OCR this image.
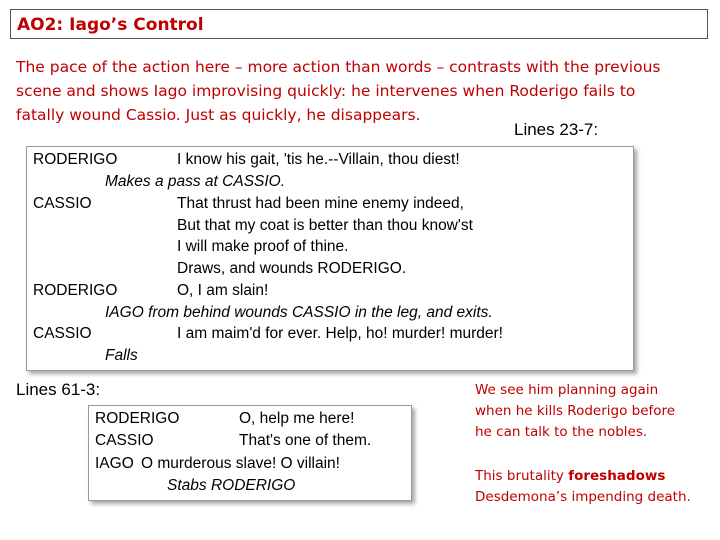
AO2: Iago’s Control
The pace of the action here – more action than words – contrasts with the previous
scene and shows Iago improvising quickly: he intervenes when Roderigo fails to
fatally wound Cassio. Just as quickly, he disappears.
Lines 23-7:
RODERIGO	I know his gait, 'tis he.--Villain, thou diest!
Makes a pass at CASSIO.
CASSIO	That thrust had been mine enemy indeed,
But that my coat is better than thou know'st
I will make proof of thine.
Draws, and wounds RODERIGO.
RODERIGO	O, I am slain!
IAGO from behind wounds CASSIO in the leg, and exits.
CASSIO	I am maim'd for ever. Help, ho! murder! murder!
Falls
Lines 61-3:
RODERIGO	O, help me here!
CASSIO	That's one of them.
IAGO O murderous slave! O villain!
Stabs RODERIGO
We see him planning again
when he kills Roderigo before
he can talk to the nobles.
This brutality foreshadows
Desdemona’s impending death.
